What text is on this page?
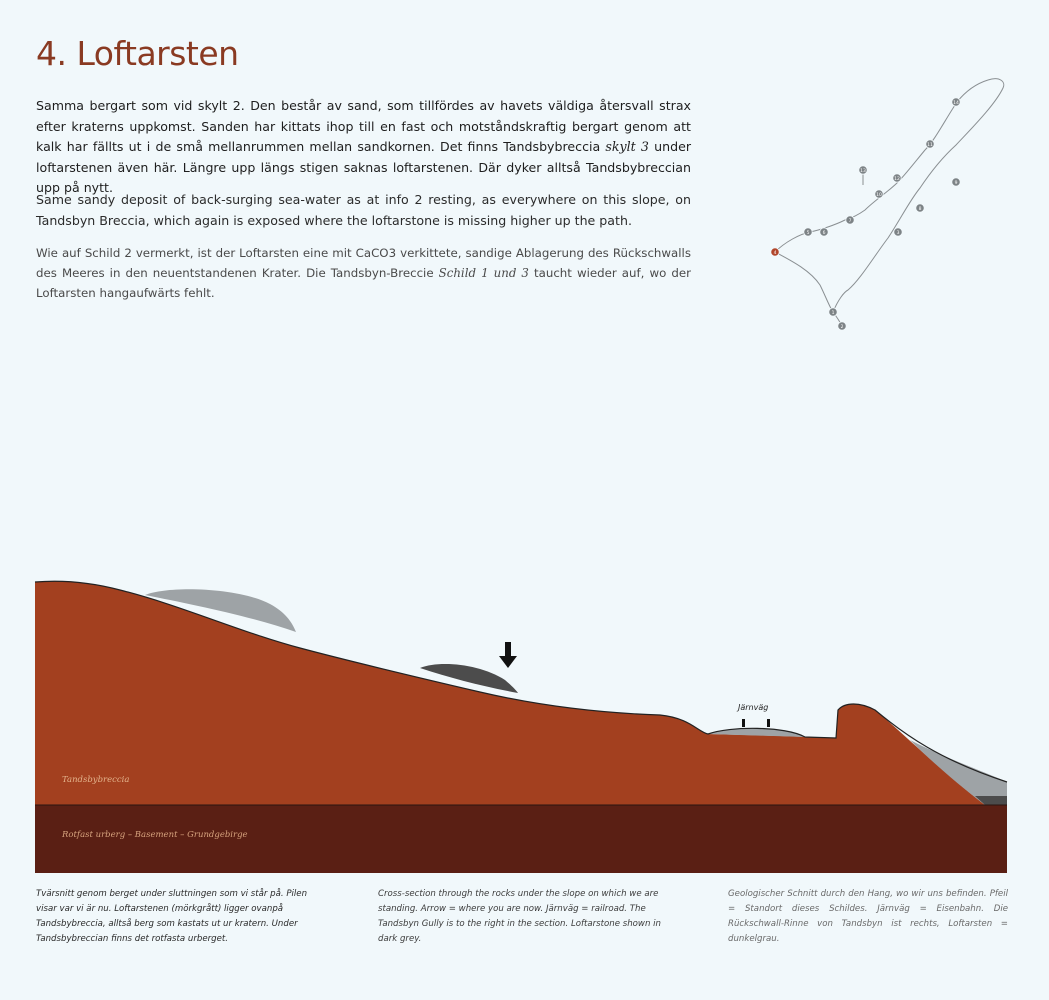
4. Loftarsten

Samma bergart som vid skylt 2. Den består av sand, som tillfördes av havets väldiga återsvall strax efter kraterns uppkomst. Sanden har kittats ihop till en fast och motståndskraftig bergart genom att kalk har fällts ut i de små mellanrummen mellan sandkornen. Det finns Tandsbybreccia skylt 3 under loftarstenen även här. Längre upp längs stigen saknas loftarstenen. Där dyker alltså Tandsbybreccian upp på nytt.

Same sandy deposit of back-surging sea-water as at info 2 resting, as everywhere on this slope, on Tandsbyn Breccia, which again is exposed where the loftarstone is missing higher up the path.

Wie auf Schild 2 vermerkt, ist der Loftarsten eine mit CaCO3 verkittete, sandige Ablagerung des Rückschwalls des Meeres in den neuentstandenen Krater. Die Tandsbyn-Breccie Schild 1 und 3 taucht wieder auf, wo der Loftarsten hangaufwärts fehlt.

1
2
3
4
5	6
7
8
9
10
11
12
13
14

Tandsbybreccia

Rotfast urberg – Basement – Grundgebirge

Järnväg

Tvärsnitt genom berget under sluttningen som vi står på. Pilen visar var vi är nu. Loftarstenen (mörkgrått) ligger ovanpå Tandsbybreccia, alltså berg som kastats ut ur kratern. Under Tandsbybreccian finns det rotfasta urberget.

Cross-section through the rocks under the slope on which we are standing. Arrow = where you are now. Järnväg = railroad. The Tandsbyn Gully is to the right in the section. Loftarstone shown in dark grey.

Geologischer Schnitt durch den Hang, wo wir uns befinden. Pfeil = Standort dieses Schildes. Järnväg = Eisenbahn. Die Rückschwall-Rinne von Tandsbyn ist rechts, Loftarsten = dunkelgrau.
